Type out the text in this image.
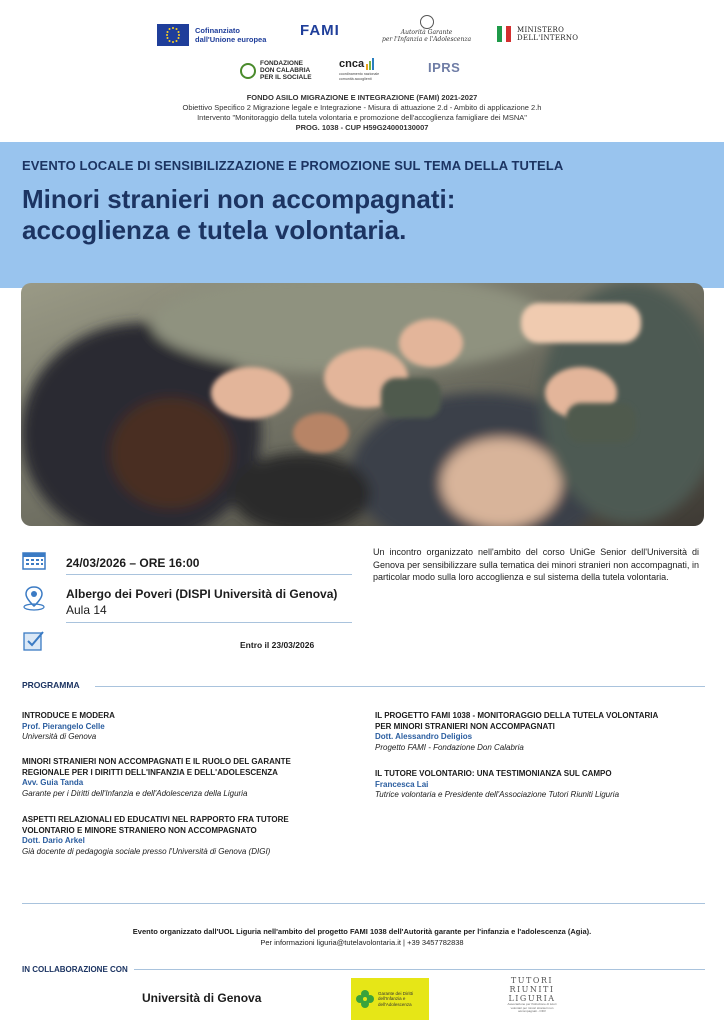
Cofinanziato
dall'Unione europea
FAMI	Autorità Garante
per l'Infanzia e l'Adolescenza
MINISTERO
DELL'INTERNO
FONDAZIONE
DON CALABRIA
PER IL SOCIALE
cnca
coordinamento nazionale
comunità accoglienti
IPRS
FONDO ASILO MIGRAZIONE E INTEGRAZIONE (FAMI) 2021-2027
Obiettivo Specifico 2 Migrazione legale e Integrazione - Misura di attuazione 2.d - Ambito di applicazione 2.h
Intervento "Monitoraggio della tutela volontaria e promozione dell'accoglienza famigliare dei MSNA"
PROG. 1038 - CUP H59G24000130007
EVENTO LOCALE DI SENSIBILIZZAZIONE E PROMOZIONE SUL TEMA DELLA TUTELA
Minori stranieri non accompagnati:
accoglienza e tutela volontaria.
24/03/2026 – ORE 16:00
Albergo dei Poveri (DISPI Università di Genova)
Aula 14
Entro il 23/03/2026
Un incontro organizzato nell'ambito del corso UniGe Senior dell'Università di Genova per sensibilizzare sulla tematica dei minori stranieri non accompagnati, in particolar modo sulla loro accoglienza e sul sistema della tutela volontaria.
PROGRAMMA
INTRODUCE E MODERA
Prof. Pierangelo Celle
Università di Genova
MINORI STRANIERI NON ACCOMPAGNATI E IL RUOLO DEL GARANTE
REGIONALE PER I DIRITTI DELL'INFANZIA E DELL'ADOLESCENZA
Avv. Guia Tanda
Garante per i Diritti dell'Infanzia e dell'Adolescenza della Liguria
ASPETTI RELAZIONALI ED EDUCATIVI NEL RAPPORTO FRA TUTORE
VOLONTARIO E MINORE STRANIERO NON ACCOMPAGNATO
Dott. Dario Arkel
Già docente di pedagogia sociale presso l'Università di Genova (DIGI)
IL PROGETTO FAMI 1038 - MONITORAGGIO DELLA TUTELA VOLONTARIA
PER MINORI STRANIERI NON ACCOMPAGNATI
Dott. Alessandro Deligios
Progetto FAMI - Fondazione Don Calabria
IL TUTORE VOLONTARIO: UNA TESTIMONIANZA SUL CAMPO
Francesca Lai
Tutrice volontaria e Presidente dell'Associazione Tutori Riuniti Liguria
Evento organizzato dall'UOL Liguria nell'ambito del progetto FAMI 1038 dell'Autorità garante per l'infanzia e l'adolescenza (Agia).
Per informazioni liguria@tutelavolontaria.it | +39 3457782838
IN COLLABORAZIONE CON
Università di Genova	Garante dei Diritti
dell'Infanzia e
dell'Adolescenza
TUTORI
RIUNITI
LIGURIA
Associazione per l'istituzione di tutori volontari per minori stranieri non accompagnati - ODV
